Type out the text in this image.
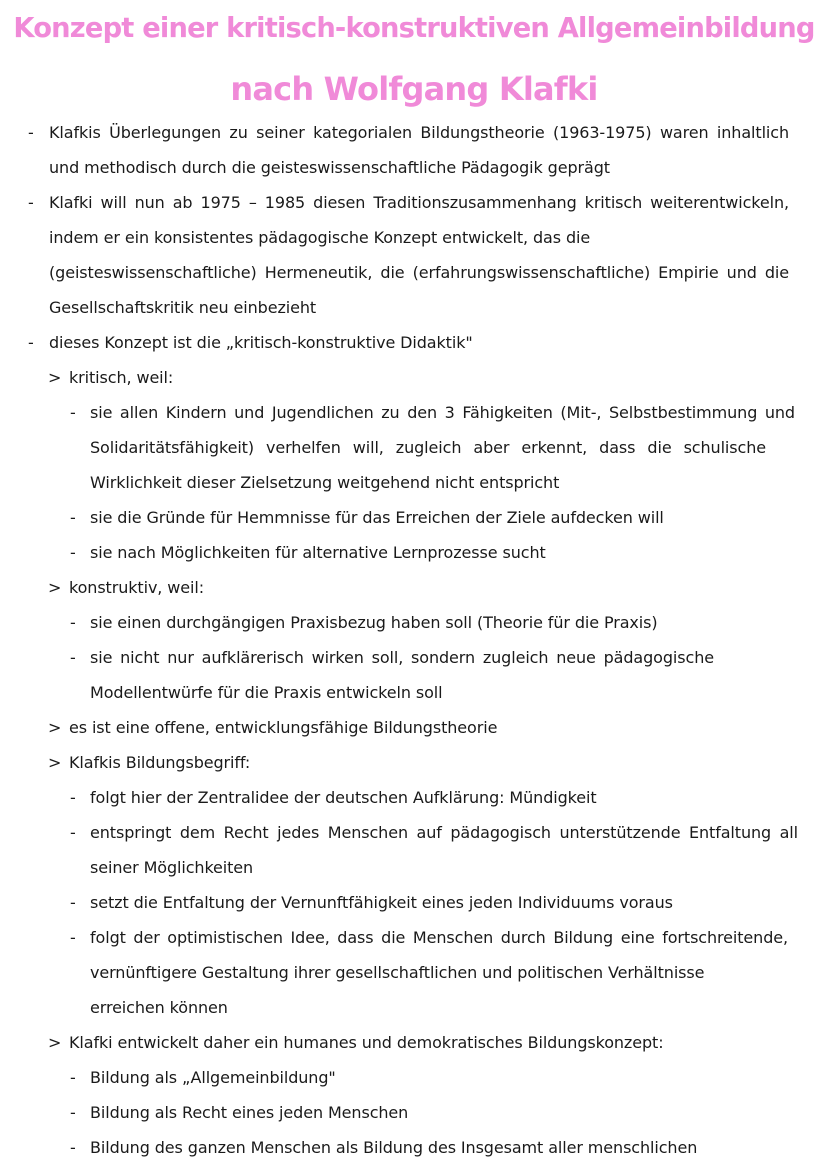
Konzept einer kritisch-konstruktiven Allgemeinbildung
nach Wolfgang Klafki
- Klafkis Überlegungen zu seiner kategorialen Bildungstheorie (1963-1975) waren inhaltlich
und methodisch durch die geisteswissenschaftliche Pädagogik geprägt
- Klafki will nun ab 1975 – 1985 diesen Traditionszusammenhang kritisch weiterentwickeln,
indem er ein konsistentes pädagogische Konzept entwickelt, das die
(geisteswissenschaftliche) Hermeneutik, die (erfahrungswissenschaftliche) Empirie und die
Gesellschaftskritik neu einbezieht
- dieses Konzept ist die „kritisch-konstruktive Didaktik"
> kritisch, weil:
- sie allen Kindern und Jugendlichen zu den 3 Fähigkeiten (Mit-, Selbstbestimmung und
Solidaritätsfähigkeit) verhelfen will, zugleich aber erkennt, dass die schulische
Wirklichkeit dieser Zielsetzung weitgehend nicht entspricht
- sie die Gründe für Hemmnisse für das Erreichen der Ziele aufdecken will
- sie nach Möglichkeiten für alternative Lernprozesse sucht
> konstruktiv, weil:
- sie einen durchgängigen Praxisbezug haben soll (Theorie für die Praxis)
- sie nicht nur aufklärerisch wirken soll, sondern zugleich neue pädagogische
Modellentwürfe für die Praxis entwickeln soll
> es ist eine offene, entwicklungsfähige Bildungstheorie
> Klafkis Bildungsbegriff:
- folgt hier der Zentralidee der deutschen Aufklärung: Mündigkeit
- entspringt dem Recht jedes Menschen auf pädagogisch unterstützende Entfaltung all
seiner Möglichkeiten
- setzt die Entfaltung der Vernunftfähigkeit eines jeden Individuums voraus
- folgt der optimistischen Idee, dass die Menschen durch Bildung eine fortschreitende,
vernünftigere Gestaltung ihrer gesellschaftlichen und politischen Verhältnisse
erreichen können
> Klafki entwickelt daher ein humanes und demokratisches Bildungskonzept:
- Bildung als „Allgemeinbildung"
- Bildung als Recht eines jeden Menschen
- Bildung des ganzen Menschen als Bildung des Insgesamt aller menschlichen
